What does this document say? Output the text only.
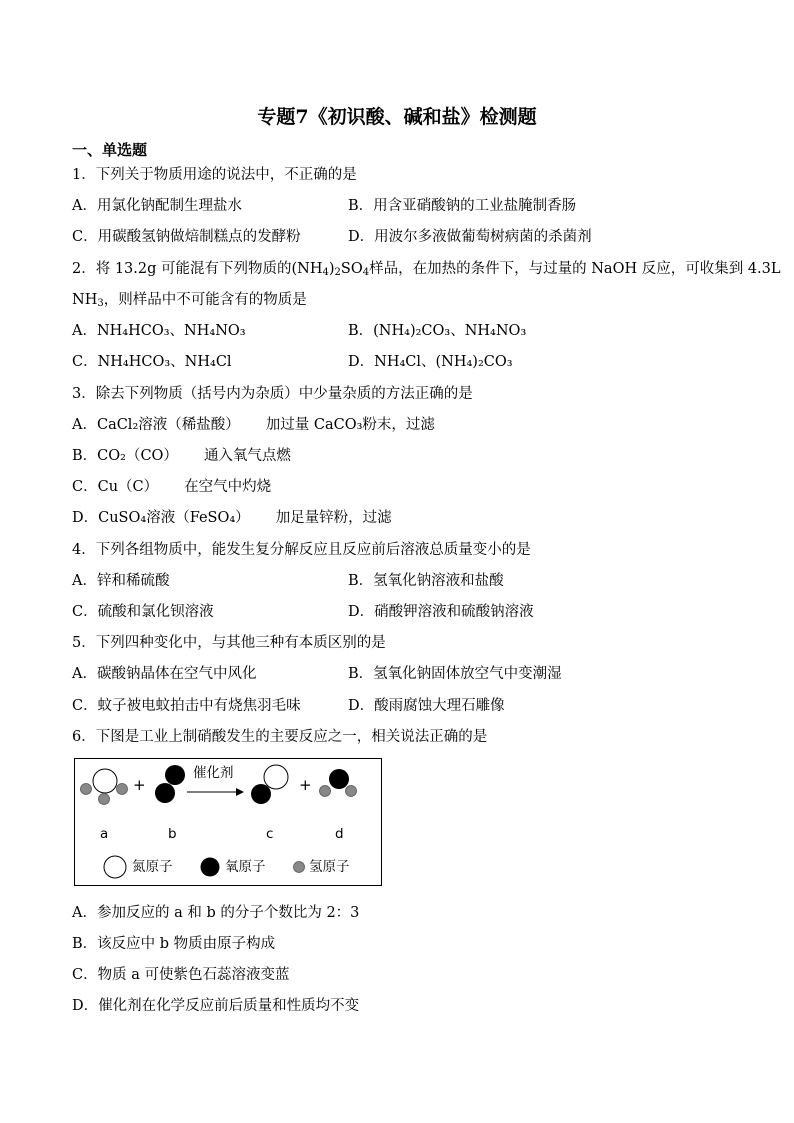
专题7《初识酸、碱和盐》检测题
一、单选题
1．下列关于物质用途的说法中，不正确的是
A．用氯化钠配制生理盐水	B．用含亚硝酸钠的工业盐腌制香肠
C．用碳酸氢钠做焙制糕点的发酵粉	D．用波尔多液做葡萄树病菌的杀菌剂
2．将 13.2g 可能混有下列物质的$(NH_4)_2SO_4$样品，在加热的条件下，与过量的 NaOH 反应，可收集到 4.3L
$NH_3$，则样品中不可能含有的物质是
A．NH₄HCO₃、NH₄NO₃	B．(NH₄)₂CO₃、NH₄NO₃
C．NH₄HCO₃、NH₄Cl	D．NH₄Cl、(NH₄)₂CO₃
3．除去下列物质（括号内为杂质）中少量杂质的方法正确的是
A．CaCl₂溶液（稀盐酸） 加过量 CaCO₃粉末，过滤
B．CO₂（CO） 通入氧气点燃
C．Cu（C） 在空气中灼烧
D．CuSO₄溶液（FeSO₄） 加足量锌粉，过滤
4．下列各组物质中，能发生复分解反应且反应前后溶液总质量变小的是
A．锌和稀硫酸	B．氢氧化钠溶液和盐酸
C．硫酸和氯化钡溶液	D．硝酸钾溶液和硫酸钠溶液
5．下列四种变化中，与其他三种有本质区别的是
A．碳酸钠晶体在空气中风化	B．氢氧化钠固体放空气中变潮湿
C．蚊子被电蚊拍击中有烧焦羽毛味	D．酸雨腐蚀大理石雕像
6．下图是工业上制硝酸发生的主要反应之一，相关说法正确的是
+	+
催化剂
a	b	c	d
氮原子	氧原子	氢原子
A．参加反应的 a 和 b 的分子个数比为 2：3
B．该反应中 b 物质由原子构成
C．物质 a 可使紫色石蕊溶液变蓝
D．催化剂在化学反应前后质量和性质均不变
